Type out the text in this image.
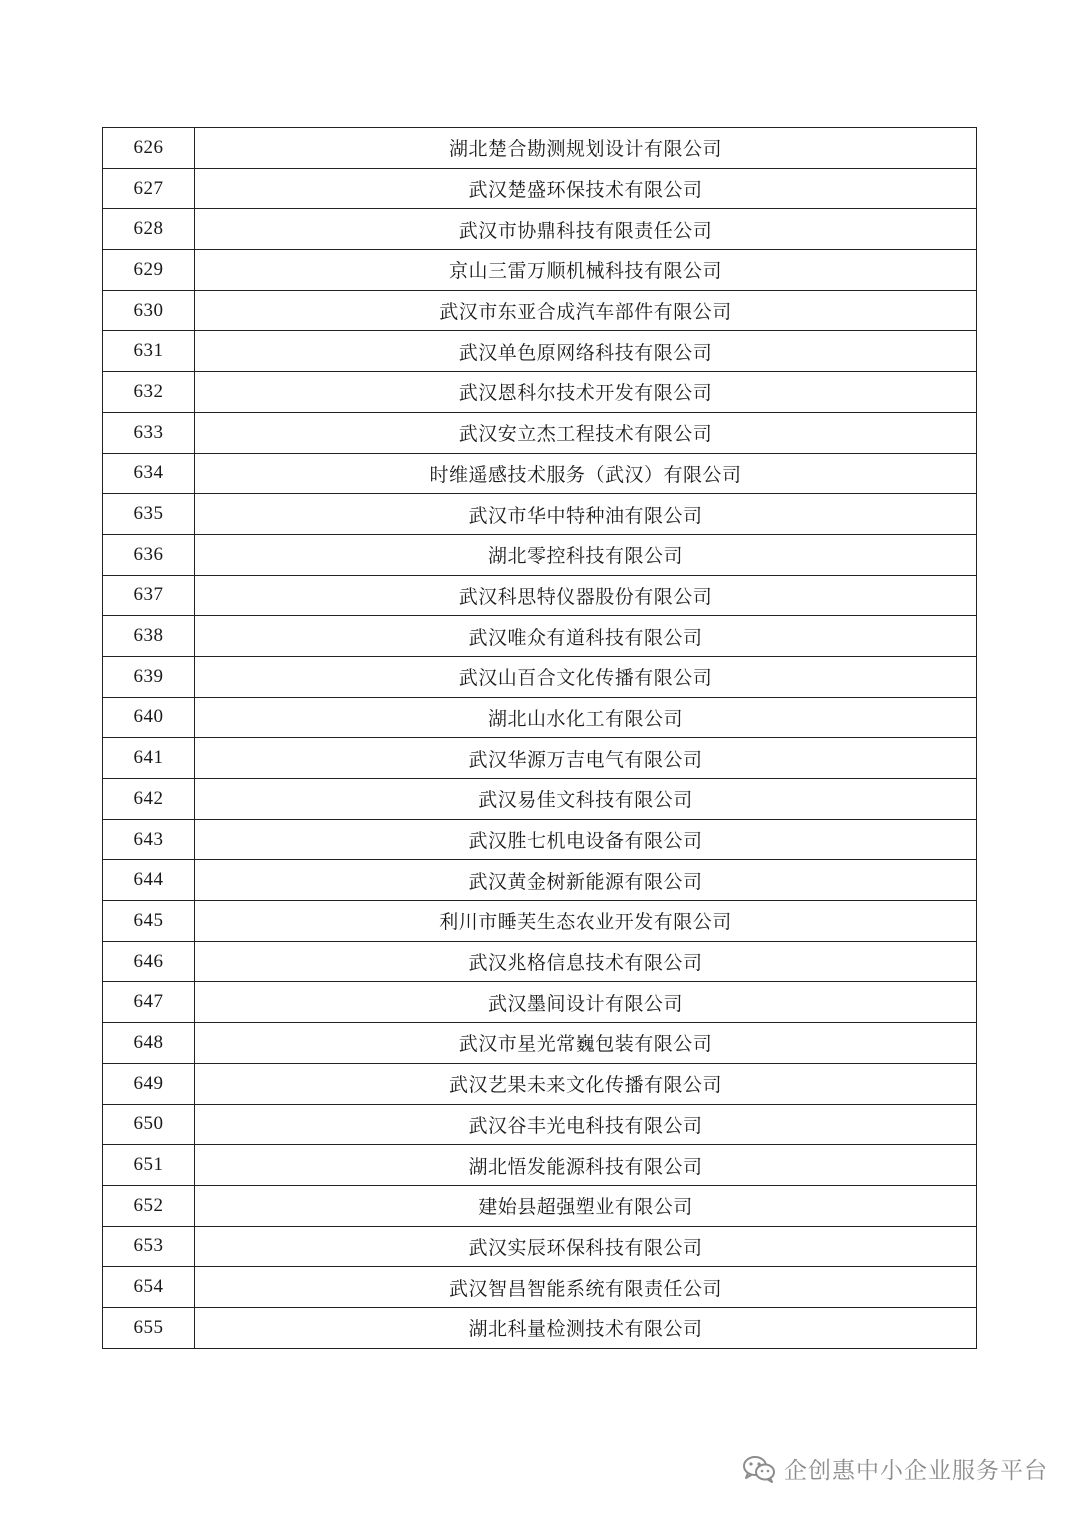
626	湖北楚合勘测规划设计有限公司
627	武汉楚盛环保技术有限公司
628	武汉市协鼎科技有限责任公司
629	京山三雷万顺机械科技有限公司
630	武汉市东亚合成汽车部件有限公司
631	武汉单色原网络科技有限公司
632	武汉恩科尔技术开发有限公司
633	武汉安立杰工程技术有限公司
634	时维遥感技术服务（武汉）有限公司
635	武汉市华中特种油有限公司
636	湖北零控科技有限公司
637	武汉科思特仪器股份有限公司
638	武汉唯众有道科技有限公司
639	武汉山百合文化传播有限公司
640	湖北山水化工有限公司
641	武汉华源万吉电气有限公司
642	武汉易佳文科技有限公司
643	武汉胜七机电设备有限公司
644	武汉黄金树新能源有限公司
645	利川市睡芙生态农业开发有限公司
646	武汉兆格信息技术有限公司
647	武汉墨间设计有限公司
648	武汉市星光常巍包装有限公司
649	武汉艺果未来文化传播有限公司
650	武汉谷丰光电科技有限公司
651	湖北悟发能源科技有限公司
652	建始县超强塑业有限公司
653	武汉实辰环保科技有限公司
654	武汉智昌智能系统有限责任公司
655	湖北科量检测技术有限公司
企创惠中小企业服务平台
